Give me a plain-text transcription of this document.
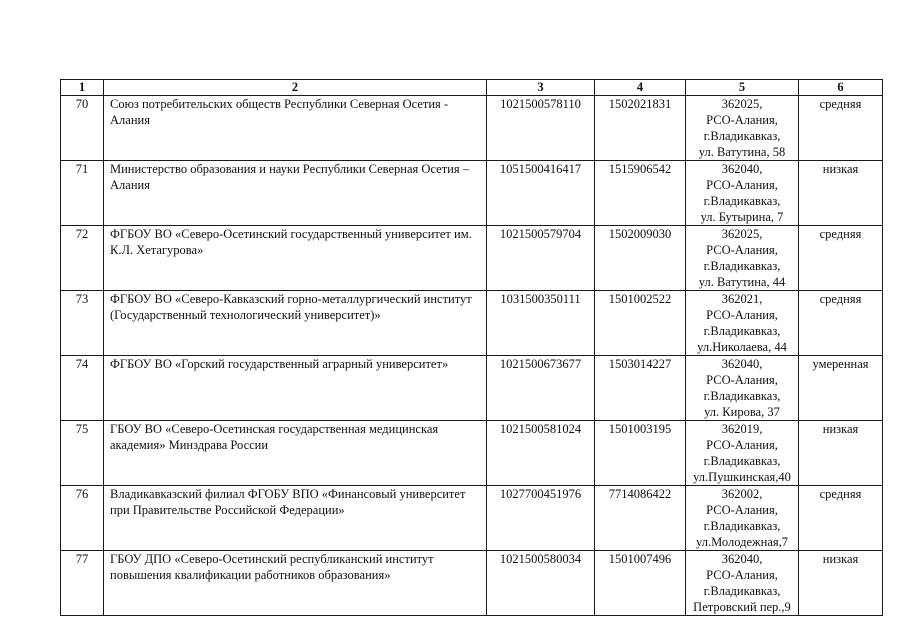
1	2	3	4	5	6
70	Союз потребительских обществ Республики Северная Осетия - Алания	1021500578110	1502021831	362025,
РСО-Алания,
г.Владикавказ,
ул. Ватутина, 58	средняя
71	Министерство образования и науки Республики Северная Осетия – Алания	1051500416417	1515906542	362040,
РСО-Алания,
г.Владикавказ,
ул. Бутырина, 7	низкая
72	ФГБОУ ВО «Северо-Осетинский государственный университет им. К.Л. Хетагурова»	1021500579704	1502009030	362025,
РСО-Алания,
г.Владикавказ,
ул. Ватутина, 44	средняя
73	ФГБОУ ВО «Северо-Кавказский горно-металлургический институт (Государственный технологический университет)»	1031500350111	1501002522	362021,
РСО-Алания,
г.Владикавказ,
ул.Николаева, 44	средняя
74	ФГБОУ ВО «Горский государственный аграрный университет»	1021500673677	1503014227	362040,
РСО-Алания,
г.Владикавказ,
ул. Кирова, 37	умеренная
75	ГБОУ ВО «Северо-Осетинская государственная медицинская академия» Минздрава России	1021500581024	1501003195	362019,
РСО-Алания,
г.Владикавказ,
ул.Пушкинская,40	низкая
76	Владикавказский филиал ФГОБУ ВПО «Финансовый университет при Правительстве Российской Федерации»	1027700451976	7714086422	362002,
РСО-Алания,
г.Владикавказ,
ул.Молодежная,7	средняя
77	ГБОУ ДПО «Северо-Осетинский республиканский институт повышения квалификации работников образования»	1021500580034	1501007496	362040,
РСО-Алания,
г.Владикавказ,
Петровский пер.,9	низкая
